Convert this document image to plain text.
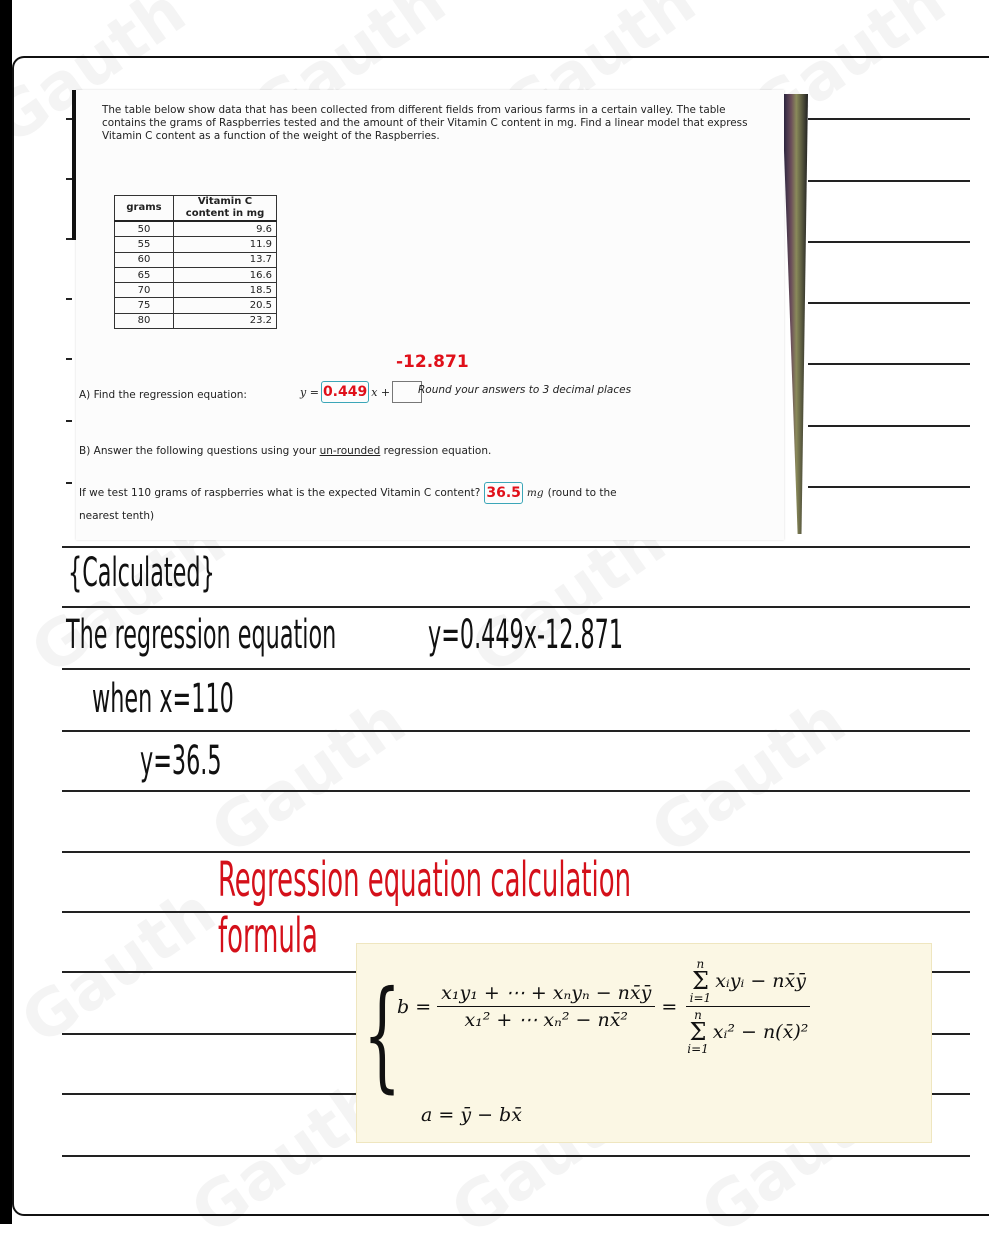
The table below show data that has been collected from different fields from various farms in a certain valley. The table contains the grams of Raspberries tested and the amount of their Vitamin C content in mg. Find a linear model that express Vitamin C content as a function of the weight of the Raspberries.
grams	Vitamin C content in mg
50	9.6
55	11.9
60	13.7
65	16.6
70	18.5
75	20.5
80	23.2
A) Find the regression equation:
-12.871
y = 0.449 x +	Round your answers to 3 decimal places
B) Answer the following questions using your un-rounded regression equation.
If we test 110 grams of raspberries what is the expected Vitamin C content? 36.5 mg (round to the
nearest tenth)
{Calculated}
The regression equation y=0.449x-12.871
when x=110
y=36.5
Regression equation calculation formula
{
$b = \frac{\text{x₁y₁ + ⋯ + xₙyₙ − nx̄ȳ}}{\text{x₁² + ⋯ xₙ² − nx̄²}} = n$
Σ
i=1
xᵢyᵢ − nx̄ȳ
n
Σ
i=1
xᵢ² − n(x̄)²
a = ȳ − bx̄
